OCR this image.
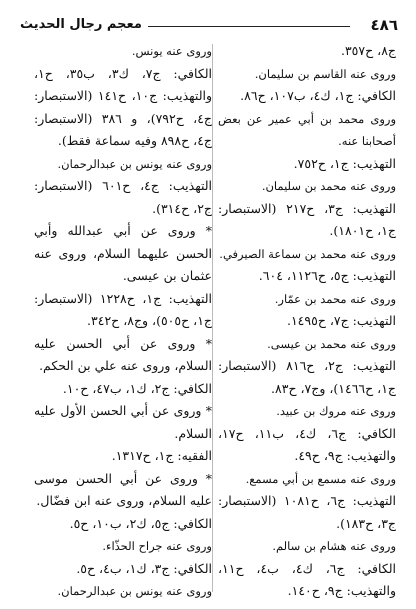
٤٨٦
معجم رجال الحديث

ج٨، ح٣٥٧.

وروى عنه القاسم بن سليمان.

الكافي: ج١، ك٤، ب١٠٧، ح٨٦.

وروى محمد بن أبي عمير عن بعض أصحابنا عنه.

التهذيب: ج١، ح٧٥٢.

وروى عنه محمد بن سليمان.

التهذيب: ج٣، ح٢١٧ (الاستبصار: ج١، ح١٨٠١).

وروى عنه محمد بن سماعة الصيرفي.

التهذيب: ج٥، ح١١٢٦، ٦٠٤.

وروى عنه محمد بن عمّار.

التهذيب: ج٧، ح١٤٩٥.

وروى عنه محمد بن عيسى.

التهذيب: ج٢، ح٨١٦ (الاستبصار: ج١، ح١٤٦٦)، وج٧، ح٨٣.

وروى عنه مروك بن عبيد.

الكافي: ج٦، ك٤، ب١١، ح١٧، والتهذيب: ج٩، ح٤٩.

وروى عنه مسمع بن أبي مسمع.

التهذيب: ج٦، ح١٠٨١ (الاستبصار: ج٣، ح١٨٣).

وروى عنه هشام بن سالم.

الكافي: ج٦، ك٤، ب٤، ح١١، والتهذيب: ج٩، ح١٤٠.

وروى عنه يونس.

الكافي: ج٧، ك٣، ب٣٥، ح١، والتهذيب: ج١٠، ح١٤١ (الاستبصار: ج٤، ح٧٩٢)، و ٣٨٦ (الاستبصار: ج٤، ح٨٩٨ وفيه سماعة فقط).

وروى عنه يونس بن عبدالرحمان.

التهذيب: ج٤، ح٦٠١ (الاستبصار: ج٢، ح٣١٤).

* وروى عن أبي عبدالله وأبي الحسن عليهما السلام، وروى عنه عثمان بن عيسى.

التهذيب: ج١، ح١٢٢٨ (الاستبصار: ج١، ح٥٠٥)، وج٨، ح٣٤٢.

* وروى عن أبي الحسن عليه السلام، وروى عنه علي بن الحكم.

الكافي: ج٢، ك١، ب٤٧، ح١٠.

* وروى عن أبي الحسن الأول عليه السلام.

الفقيه: ج١، ح١٣١٧.

* وروى عن أبي الحسن موسى عليه السلام، وروى عنه ابن فضّال.

الكافي: ج٥، ك٢، ب١٠، ح٥.

وروى عنه جراح الحذّاء.

الكافي: ج٣، ك١، ب٤، ح٥.

وروى عنه يونس بن عبدالرحمان.
